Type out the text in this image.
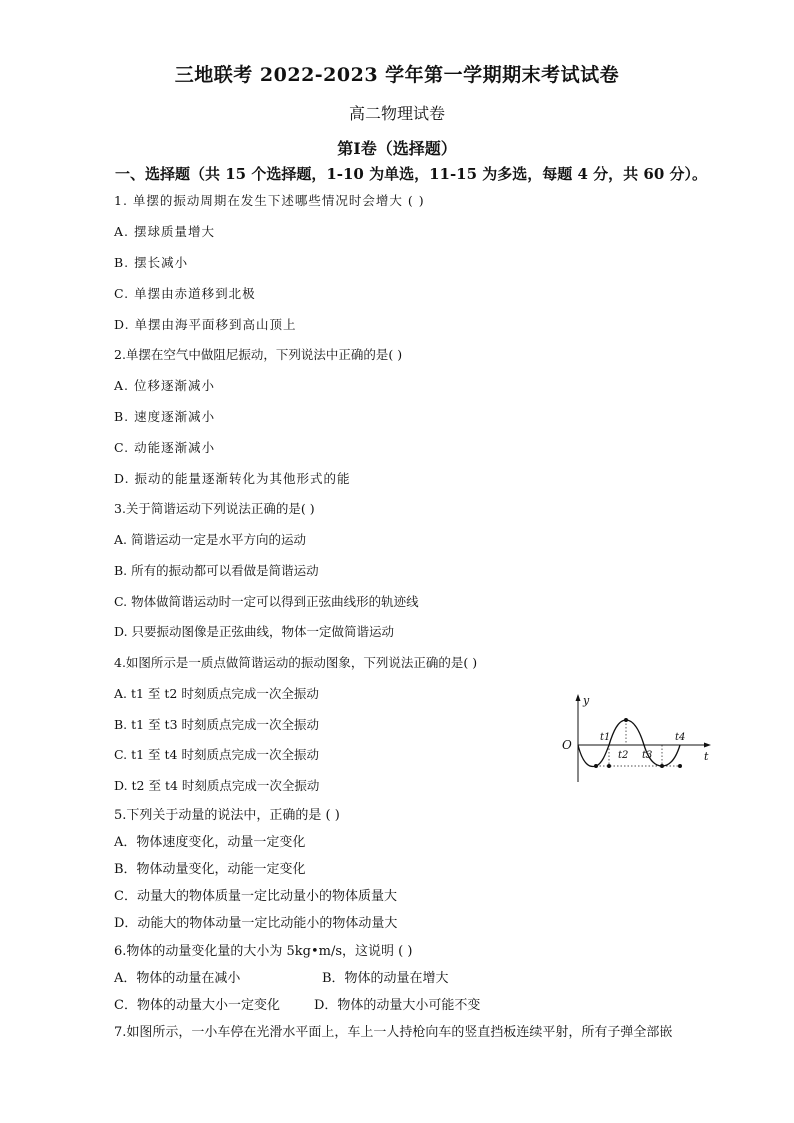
三地联考 2022-2023 学年第一学期期末考试试卷
高二物理试卷
第Ⅰ卷（选择题）
一、选择题（共 15 个选择题，1-10 为单选，11-15 为多选，每题 4 分，共 60 分）。
1. 单摆的振动周期在发生下述哪些情况时会增大 ( )
A. 摆球质量增大
B. 摆长减小
C. 单摆由赤道移到北极
D. 单摆由海平面移到高山顶上
2.单摆在空气中做阻尼振动，下列说法中正确的是( )
A. 位移逐渐减小
B. 速度逐渐减小
C. 动能逐渐减小
D. 振动的能量逐渐转化为其他形式的能
3.关于简谐运动下列说法正确的是( )
A. 简谐运动一定是水平方向的运动
B. 所有的振动都可以看做是简谐运动
C. 物体做简谐运动时一定可以得到正弦曲线形的轨迹线
D. 只要振动图像是正弦曲线，物体一定做简谐运动
4.如图所示是一质点做简谐运动的振动图象，下列说法正确的是( )
A. t1 至 t2 时刻质点完成一次全振动
B. t1 至 t3 时刻质点完成一次全振动
C. t1 至 t4 时刻质点完成一次全振动
D. t2 至 t4 时刻质点完成一次全振动
y
t
O
t1
t2 t3
t4
5.下列关于动量的说法中，正确的是 ( )
A．物体速度变化，动量一定变化
B．物体动量变化，动能一定变化
C．动量大的物体质量一定比动量小的物体质量大
D．动能大的物体动量一定比动能小的物体动量大
6.物体的动量变化量的大小为 5kg•m/s，这说明 ( )
A．物体的动量在减小	B．物体的动量在增大
C．物体的动量大小一定变化	D．物体的动量大小可能不变
7.如图所示，一小车停在光滑水平面上，车上一人持枪向车的竖直挡板连续平射，所有子弹全部嵌
